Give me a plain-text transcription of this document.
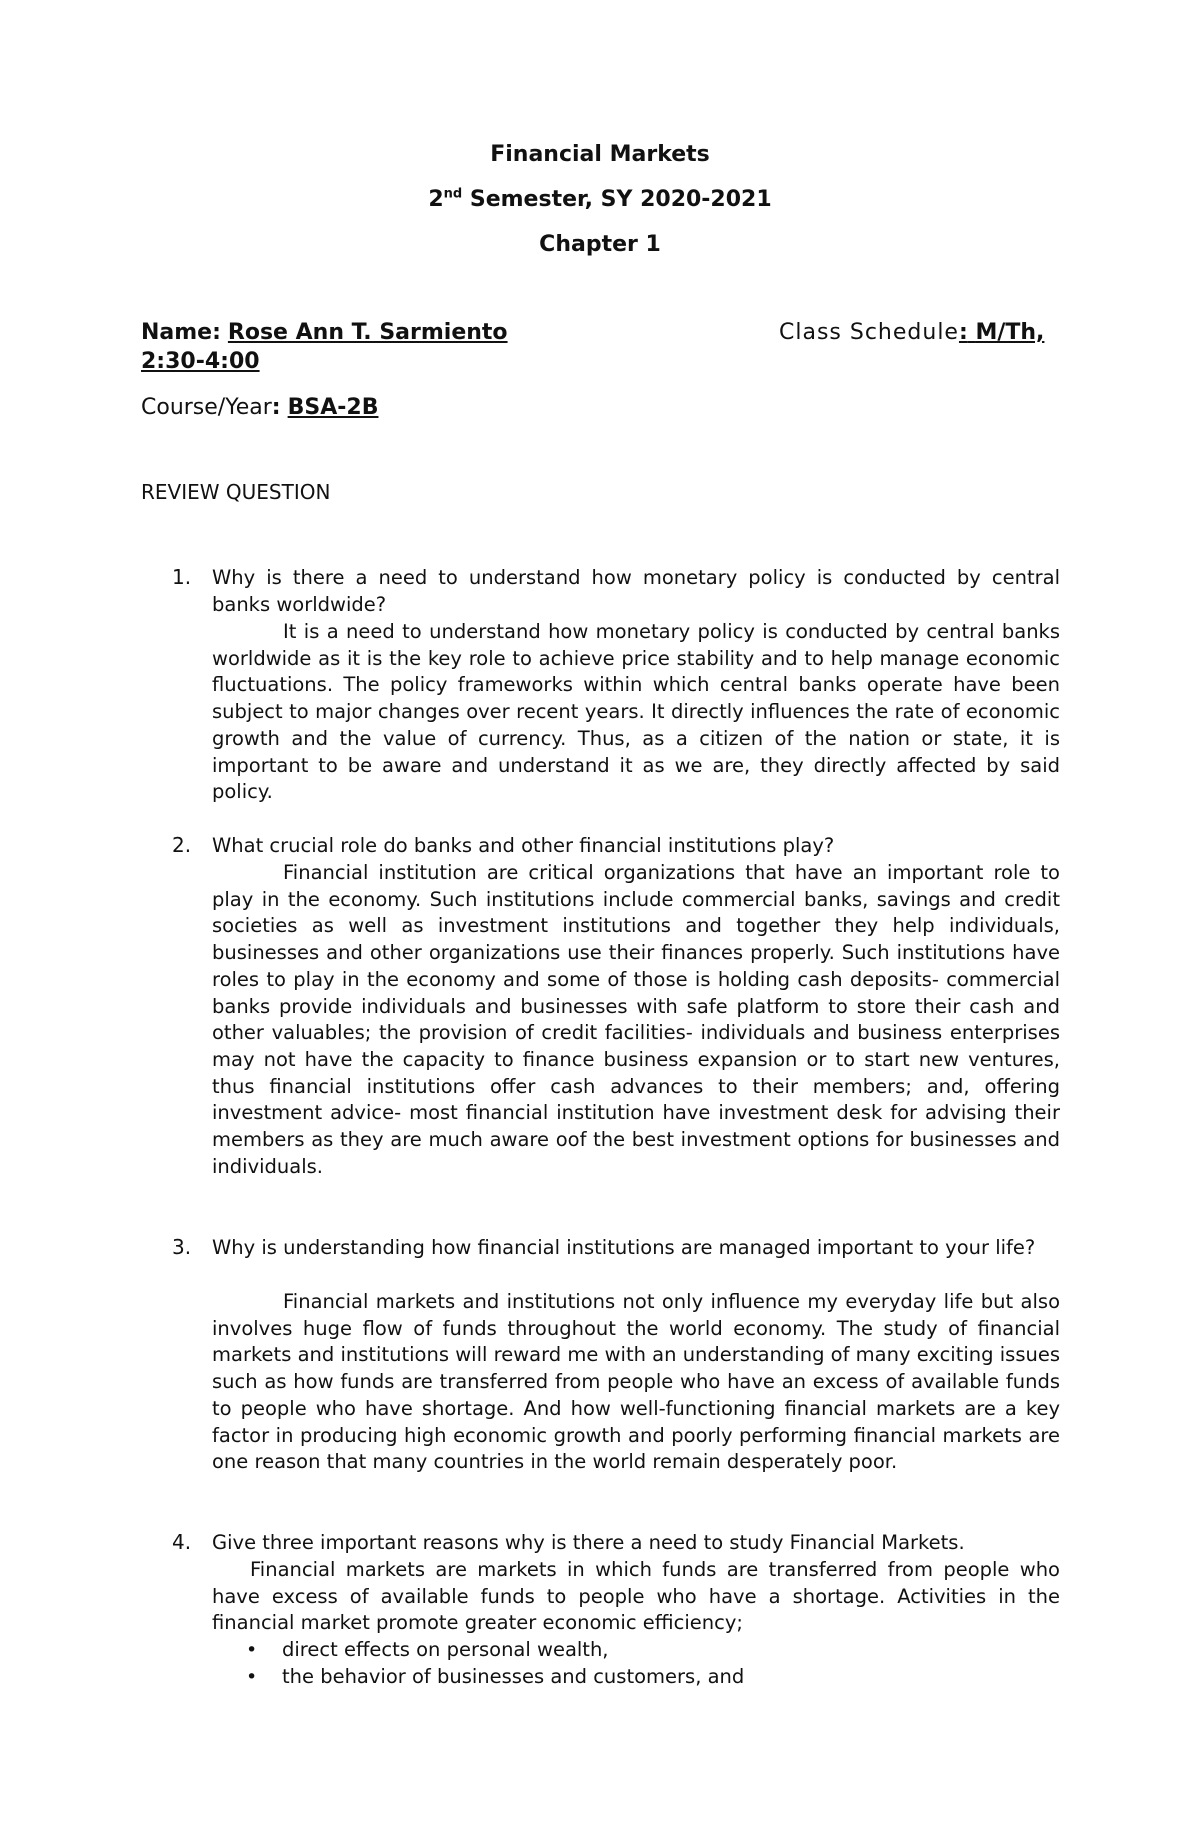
Financial Markets
2nd Semester, SY 2020-2021
Chapter 1
Name: Rose Ann T. Sarmiento	Class Schedule: M/Th,
2:30-4:00
Course/Year: BSA-2B
REVIEW QUESTION
1. Why is there a need to understand how monetary policy is conducted by central banks worldwide?
It is a need to understand how monetary policy is conducted by central banks worldwide as it is the key role to achieve price stability and to help manage economic fluctuations. The policy frameworks within which central banks operate have been subject to major changes over recent years. It directly influences the rate of economic growth and the value of currency. Thus, as a citizen of the nation or state, it is important to be aware and understand it as we are, they directly affected by said policy.
2. What crucial role do banks and other financial institutions play?
Financial institution are critical organizations that have an important role to play in the economy. Such institutions include commercial banks, savings and credit societies as well as investment institutions and together they help individuals, businesses and other organizations use their finances properly. Such institutions have roles to play in the economy and some of those is holding cash deposits- commercial banks provide individuals and businesses with safe platform to store their cash and other valuables; the provision of credit facilities- individuals and business enterprises may not have the capacity to finance business expansion or to start new ventures, thus financial institutions offer cash advances to their members; and, offering investment advice- most financial institution have investment desk for advising their members as they are much aware oof the best investment options for businesses and individuals.
3. Why is understanding how financial institutions are managed important to your life?
Financial markets and institutions not only influence my everyday life but also involves huge flow of funds throughout the world economy. The study of financial markets and institutions will reward me with an understanding of many exciting issues such as how funds are transferred from people who have an excess of available funds to people who have shortage. And how well-functioning financial markets are a key factor in producing high economic growth and poorly performing financial markets are one reason that many countries in the world remain desperately poor.
4. Give three important reasons why is there a need to study Financial Markets.
Financial markets are markets in which funds are transferred from people who have excess of available funds to people who have a shortage. Activities in the financial market promote greater economic efficiency;
• direct effects on personal wealth,
• the behavior of businesses and customers, and
